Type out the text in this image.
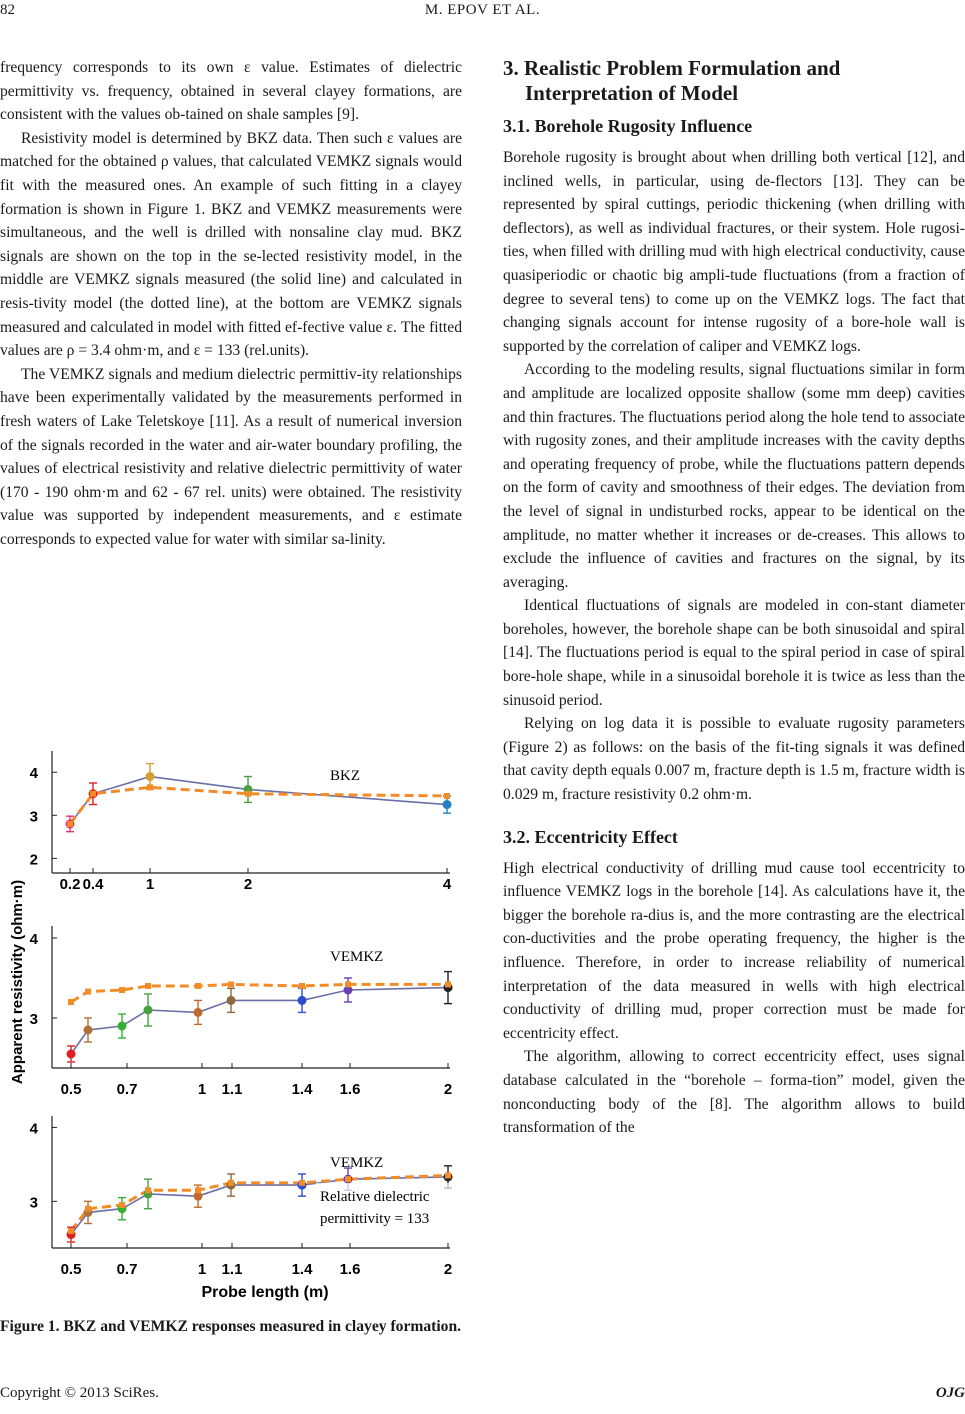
82	M. EPOV ET AL.

frequency corresponds to its own ε value. Estimates of dielectric permittivity vs. frequency, obtained in several clayey formations, are consistent with the values ob-tained on shale samples [9].

Resistivity model is determined by BKZ data. Then such ε values are matched for the obtained ρ values, that calculated VEMKZ signals would fit with the measured ones. An example of such fitting in a clayey formation is shown in Figure 1. BKZ and VEMKZ measurements were simultaneous, and the well is drilled with nonsaline clay mud. BKZ signals are shown on the top in the se-lected resistivity model, in the middle are VEMKZ signals measured (the solid line) and calculated in resis-tivity model (the dotted line), at the bottom are VEMKZ signals measured and calculated in model with fitted ef-fective value ε. The fitted values are ρ = 3.4 ohm·m, and ε = 133 (rel.units).

The VEMKZ signals and medium dielectric permittiv-ity relationships have been experimentally validated by the measurements performed in fresh waters of Lake Teletskoye [11]. As a result of numerical inversion of the signals recorded in the water and air-water boundary profiling, the values of electrical resistivity and relative dielectric permittivity of water (170 - 190 ohm·m and 62 - 67 rel. units) were obtained. The resistivity value was supported by independent measurements, and ε estimate corresponds to expected value for water with similar sa-linity.

2
3
4
0.2 0.4	1	2	4
BKZ
3
4
0.5 0.7	1 1.1	1.4 1.6	2
VEMKZ
3
4
0.5 0.7	1 1.1	1.4 1.6	2
VEMKZ
Relative dielectric
permittivity = 133
Apparent resistivity (ohm·m)
Probe length (m)
Figure 1. BKZ and VEMKZ responses measured in clayey formation.
3. Realistic Problem Formulation and
Interpretation of Model
3.1. Borehole Rugosity Influence

Borehole rugosity is brought about when drilling both vertical [12], and inclined wells, in particular, using de-flectors [13]. They can be represented by spiral cuttings, periodic thickening (when drilling with deflectors), as well as individual fractures, or their system. Hole rugosi-ties, when filled with drilling mud with high electrical conductivity, cause quasiperiodic or chaotic big ampli-tude fluctuations (from a fraction of degree to several tens) to come up on the VEMKZ logs. The fact that changing signals account for intense rugosity of a bore-hole wall is supported by the correlation of caliper and VEMKZ logs.

According to the modeling results, signal fluctuations similar in form and amplitude are localized opposite shallow (some mm deep) cavities and thin fractures. The fluctuations period along the hole tend to associate with rugosity zones, and their amplitude increases with the cavity depths and operating frequency of probe, while the fluctuations pattern depends on the form of cavity and smoothness of their edges. The deviation from the level of signal in undisturbed rocks, appear to be identical on the amplitude, no matter whether it increases or de-creases. This allows to exclude the influence of cavities and fractures on the signal, by its averaging.

Identical fluctuations of signals are modeled in con-stant diameter boreholes, however, the borehole shape can be both sinusoidal and spiral [14]. The fluctuations period is equal to the spiral period in case of spiral bore-hole shape, while in a sinusoidal borehole it is twice as less than the sinusoid period.

Relying on log data it is possible to evaluate rugosity parameters (Figure 2) as follows: on the basis of the fit-ting signals it was defined that cavity depth equals 0.007 m, fracture depth is 1.5 m, fracture width is 0.029 m, fracture resistivity 0.2 ohm·m.

3.2. Eccentricity Effect

High electrical conductivity of drilling mud cause tool eccentricity to influence VEMKZ logs in the borehole [14]. As calculations have it, the bigger the borehole ra-dius is, and the more contrasting are the electrical con-ductivities and the probe operating frequency, the higher is the influence. Therefore, in order to increase reliability of numerical interpretation of the data measured in wells with high electrical conductivity of drilling mud, proper correction must be made for eccentricity effect.

The algorithm, allowing to correct eccentricity effect, uses signal database calculated in the “borehole – forma-tion” model, given the nonconducting body of the [8]. The algorithm allows to build transformation of the

Copyright © 2013 SciRes.	OJG
